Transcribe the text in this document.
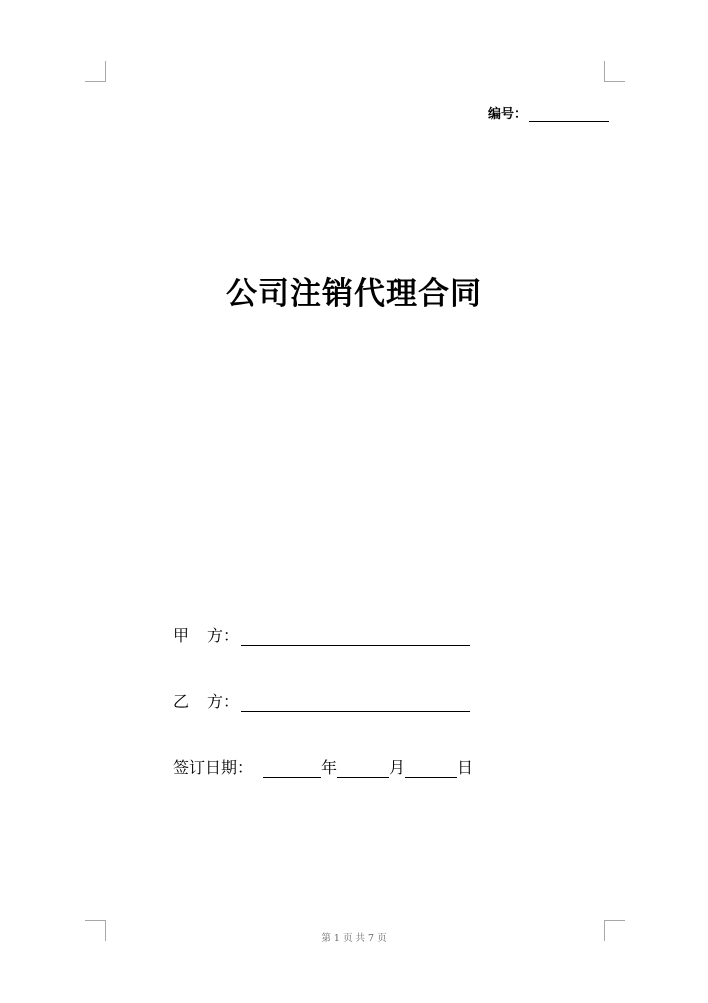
编号：
公司注销代理合同
甲	方：
乙	方：
签订日期：	年	月	日
第 1 页 共 7 页
